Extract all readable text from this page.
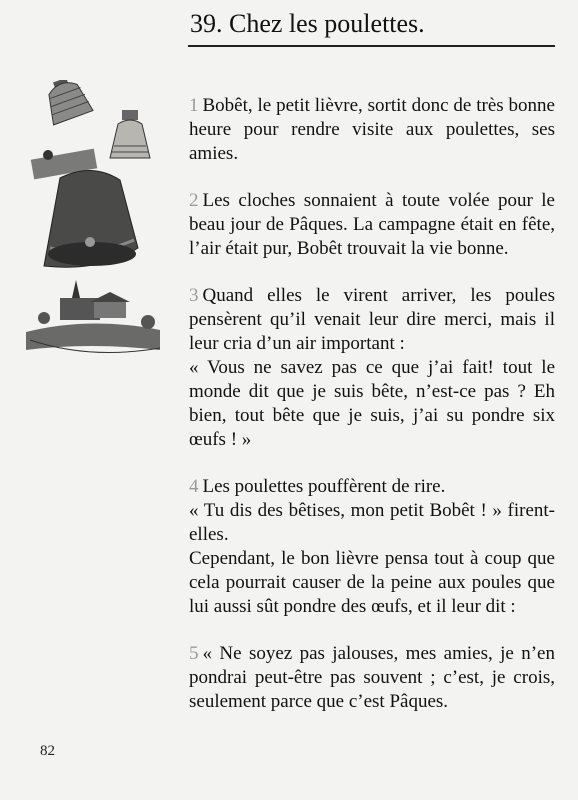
39. Chez les poulettes.

1 Bobêt, le petit lièvre, sortit donc de très bonne heure pour rendre visite aux poulettes, ses amies.

2 Les cloches sonnaient à toute volée pour le beau jour de Pâques. La campagne était en fête, l’air était pur, Bobêt trouvait la vie bonne.

3 Quand elles le virent arriver, les poules pensèrent qu’il venait leur dire merci, mais il leur cria d’un air important :

« Vous ne savez pas ce que j’ai fait! tout le monde dit que je suis bête, n’est-ce pas ? Eh bien, tout bête que je suis, j’ai su pondre six œufs ! »

4 Les poulettes pouffèrent de rire.

« Tu dis des bêtises, mon petit Bobêt ! » firent-elles.

Cependant, le bon lièvre pensa tout à coup que cela pourrait causer de la peine aux poules que lui aussi sût pondre des œufs, et il leur dit :

5 « Ne soyez pas jalouses, mes amies, je n’en pondrai peut-être pas souvent ; c’est, je crois, seulement parce que c’est Pâques.

82
